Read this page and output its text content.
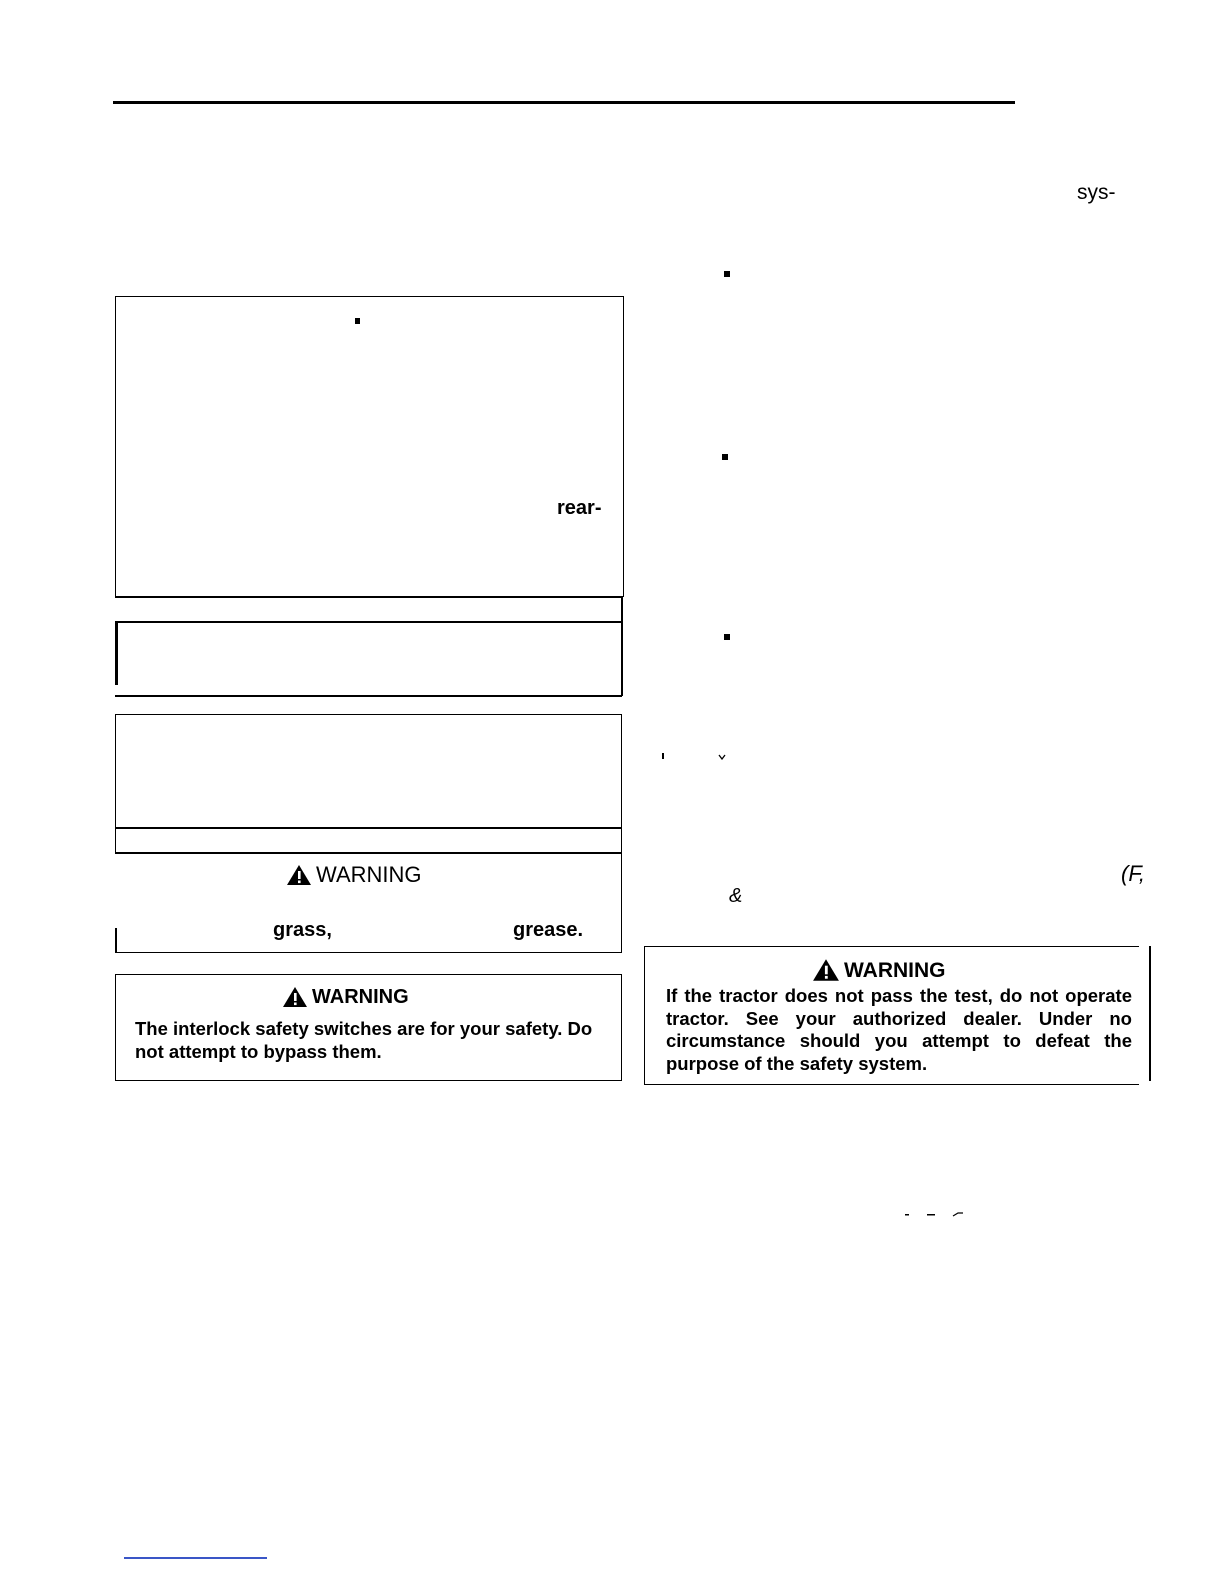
sys-
rear-
WARNING
grass,	grease.
WARNING
The interlock safety switches are for your safety. Do not attempt to bypass them.
(F,
&
WARNING
If the tractor does not pass the test, do not operate tractor. See your authorized dealer. Under no circumstance should you attempt to defeat the purpose of the safety system.
